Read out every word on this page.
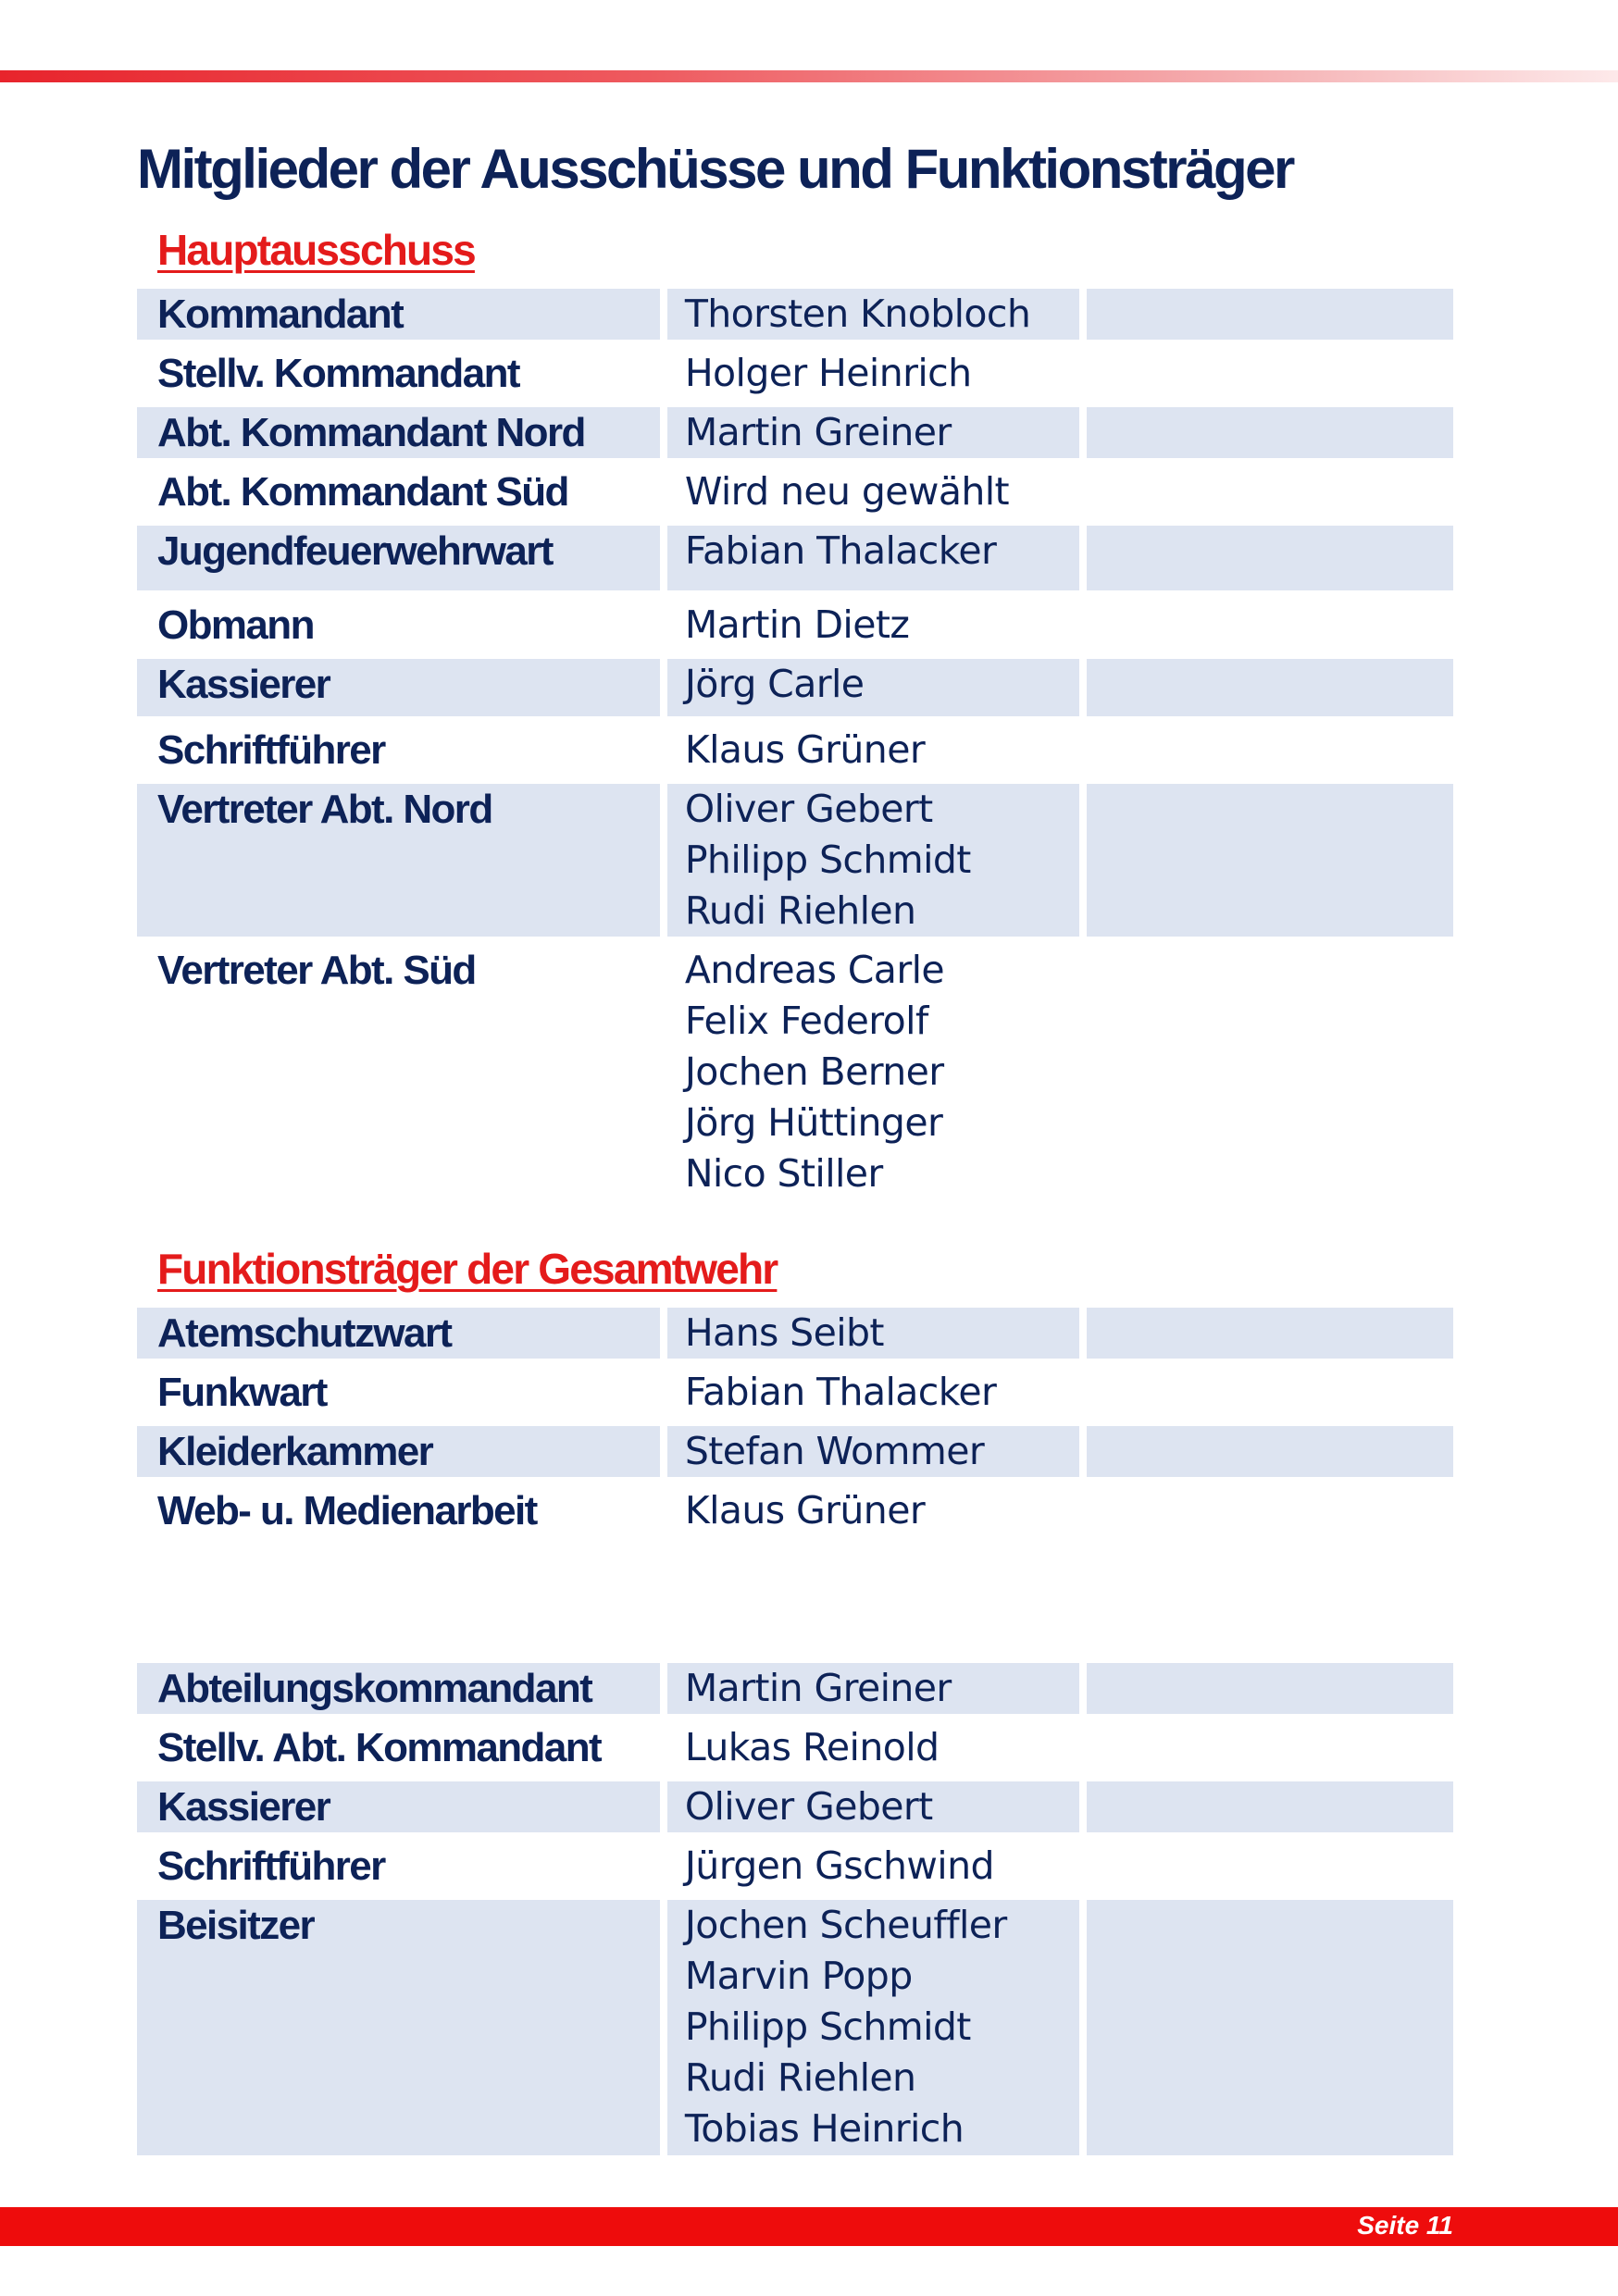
Mitglieder der Ausschüsse und Funktionsträger
Hauptausschuss
Kommandant	Thorsten Knobloch
Stellv. Kommandant	Holger Heinrich
Abt. Kommandant Nord	Martin Greiner
Abt. Kommandant Süd	Wird neu gewählt
Jugendfeuerwehrwart	Fabian Thalacker
Obmann	Martin Dietz
Kassierer	Jörg Carle
Schriftführer	Klaus Grüner
Vertreter Abt. Nord	Oliver Gebert
Philipp Schmidt
Rudi Riehlen
Vertreter Abt. Süd	Andreas Carle
Felix Federolf
Jochen Berner
Jörg Hüttinger
Nico Stiller
Funktionsträger der Gesamtwehr
Atemschutzwart	Hans Seibt
Funkwart	Fabian Thalacker
Kleiderkammer	Stefan Wommer
Web- u. Medienarbeit	Klaus Grüner
Abteilungskommandant	Martin Greiner
Stellv. Abt. Kommandant	Lukas Reinold
Kassierer	Oliver Gebert
Schriftführer	Jürgen Gschwind
Beisitzer	Jochen Scheuffler
Marvin Popp
Philipp Schmidt
Rudi Riehlen
Tobias Heinrich
Seite 11
